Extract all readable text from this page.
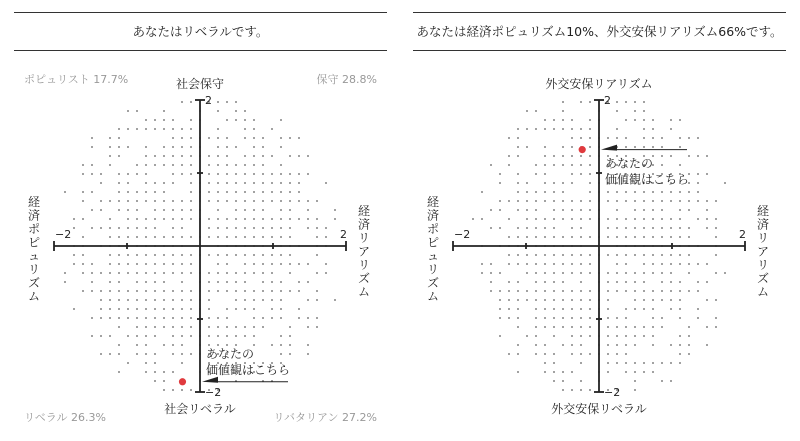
あなたはリベラルです。
−2	2
2
−2
社会保守
社会リベラル
経
済
ポ
ピ
ュ
リ
ズ
ム
経
済
リ
ア
リ
ズ
ム
ポピュリスト 17.7%	保守 28.8%
リベラル 26.3%	リバタリアン 27.2%
あなたの
価値観はこちら
あなたは経済ポピュリズム10%、外交安保リアリズム66%です。
−2	2
2
−2
外交安保リアリズム
外交安保リベラル
経
済
ポ
ピ
ュ
リ
ズ
ム
経
済
リ
ア
リ
ズ
ム
あなたの
価値観はこちら
